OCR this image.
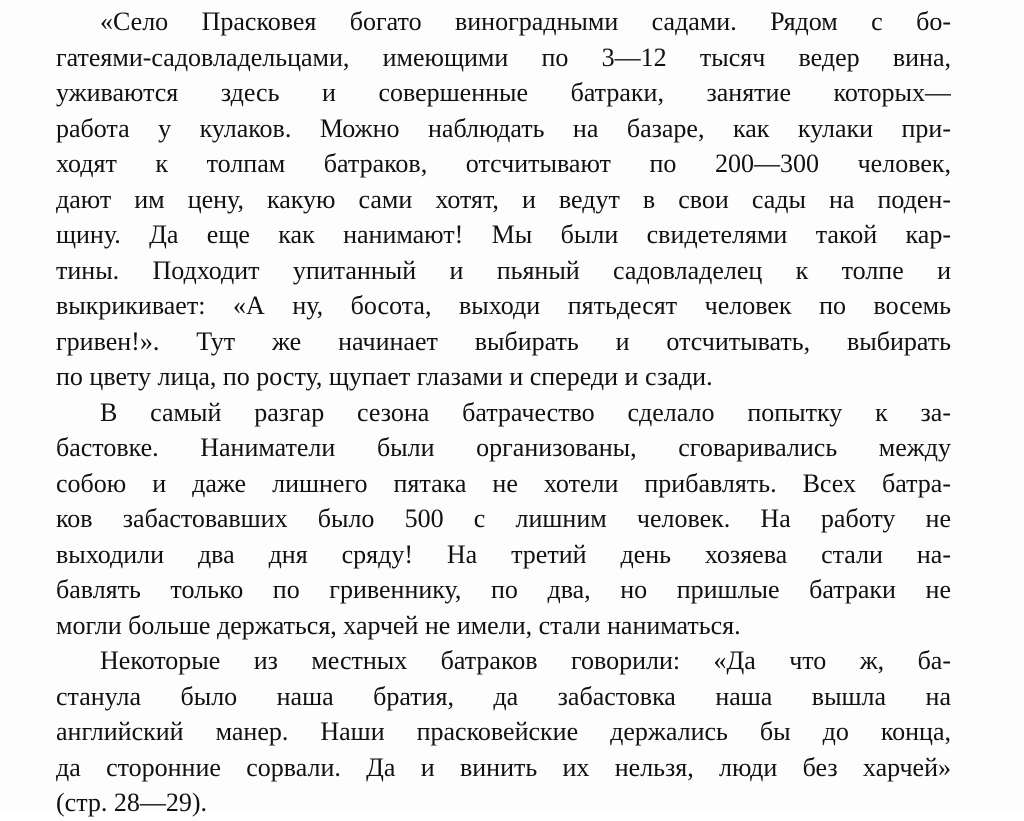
«Село Прасковея богато виноградными садами. Рядом с бо-
гатеями-садовладельцами, имеющими по 3—12 тысяч ведер вина,
уживаются здесь и совершенные батраки, занятие которых—
работа у кулаков. Можно наблюдать на базаре, как кулаки при-
ходят к толпам батраков, отсчитывают по 200—300 человек,
дают им цену, какую сами хотят, и ведут в свои сады на поден-
щину. Да еще как нанимают! Мы были свидетелями такой кар-
тины. Подходит упитанный и пьяный садовладелец к толпе и
выкрикивает: «А ну, босота, выходи пятьдесят человек по восемь
гривен!». Тут же начинает выбирать и отсчитывать, выбирать
по цвету лица, по росту, щупает глазами и спереди и сзади.

В самый разгар сезона батрачество сделало попытку к за-
бастовке. Наниматели были организованы, сговаривались между
собою и даже лишнего пятака не хотели прибавлять. Всех батра-
ков забастовавших было 500 с лишним человек. На работу не
выходили два дня сряду! На третий день хозяева стали на-
бавлять только по гривеннику, по два, но пришлые батраки не
могли больше держаться, харчей не имели, стали наниматься.

Некоторые из местных батраков говорили: «Да что ж, ба-
станула было наша братия, да забастовка наша вышла на
английский манер. Наши прасковейские держались бы до конца,
да сторонние сорвали. Да и винить их нельзя, люди без харчей»
(стр. 28—29).
